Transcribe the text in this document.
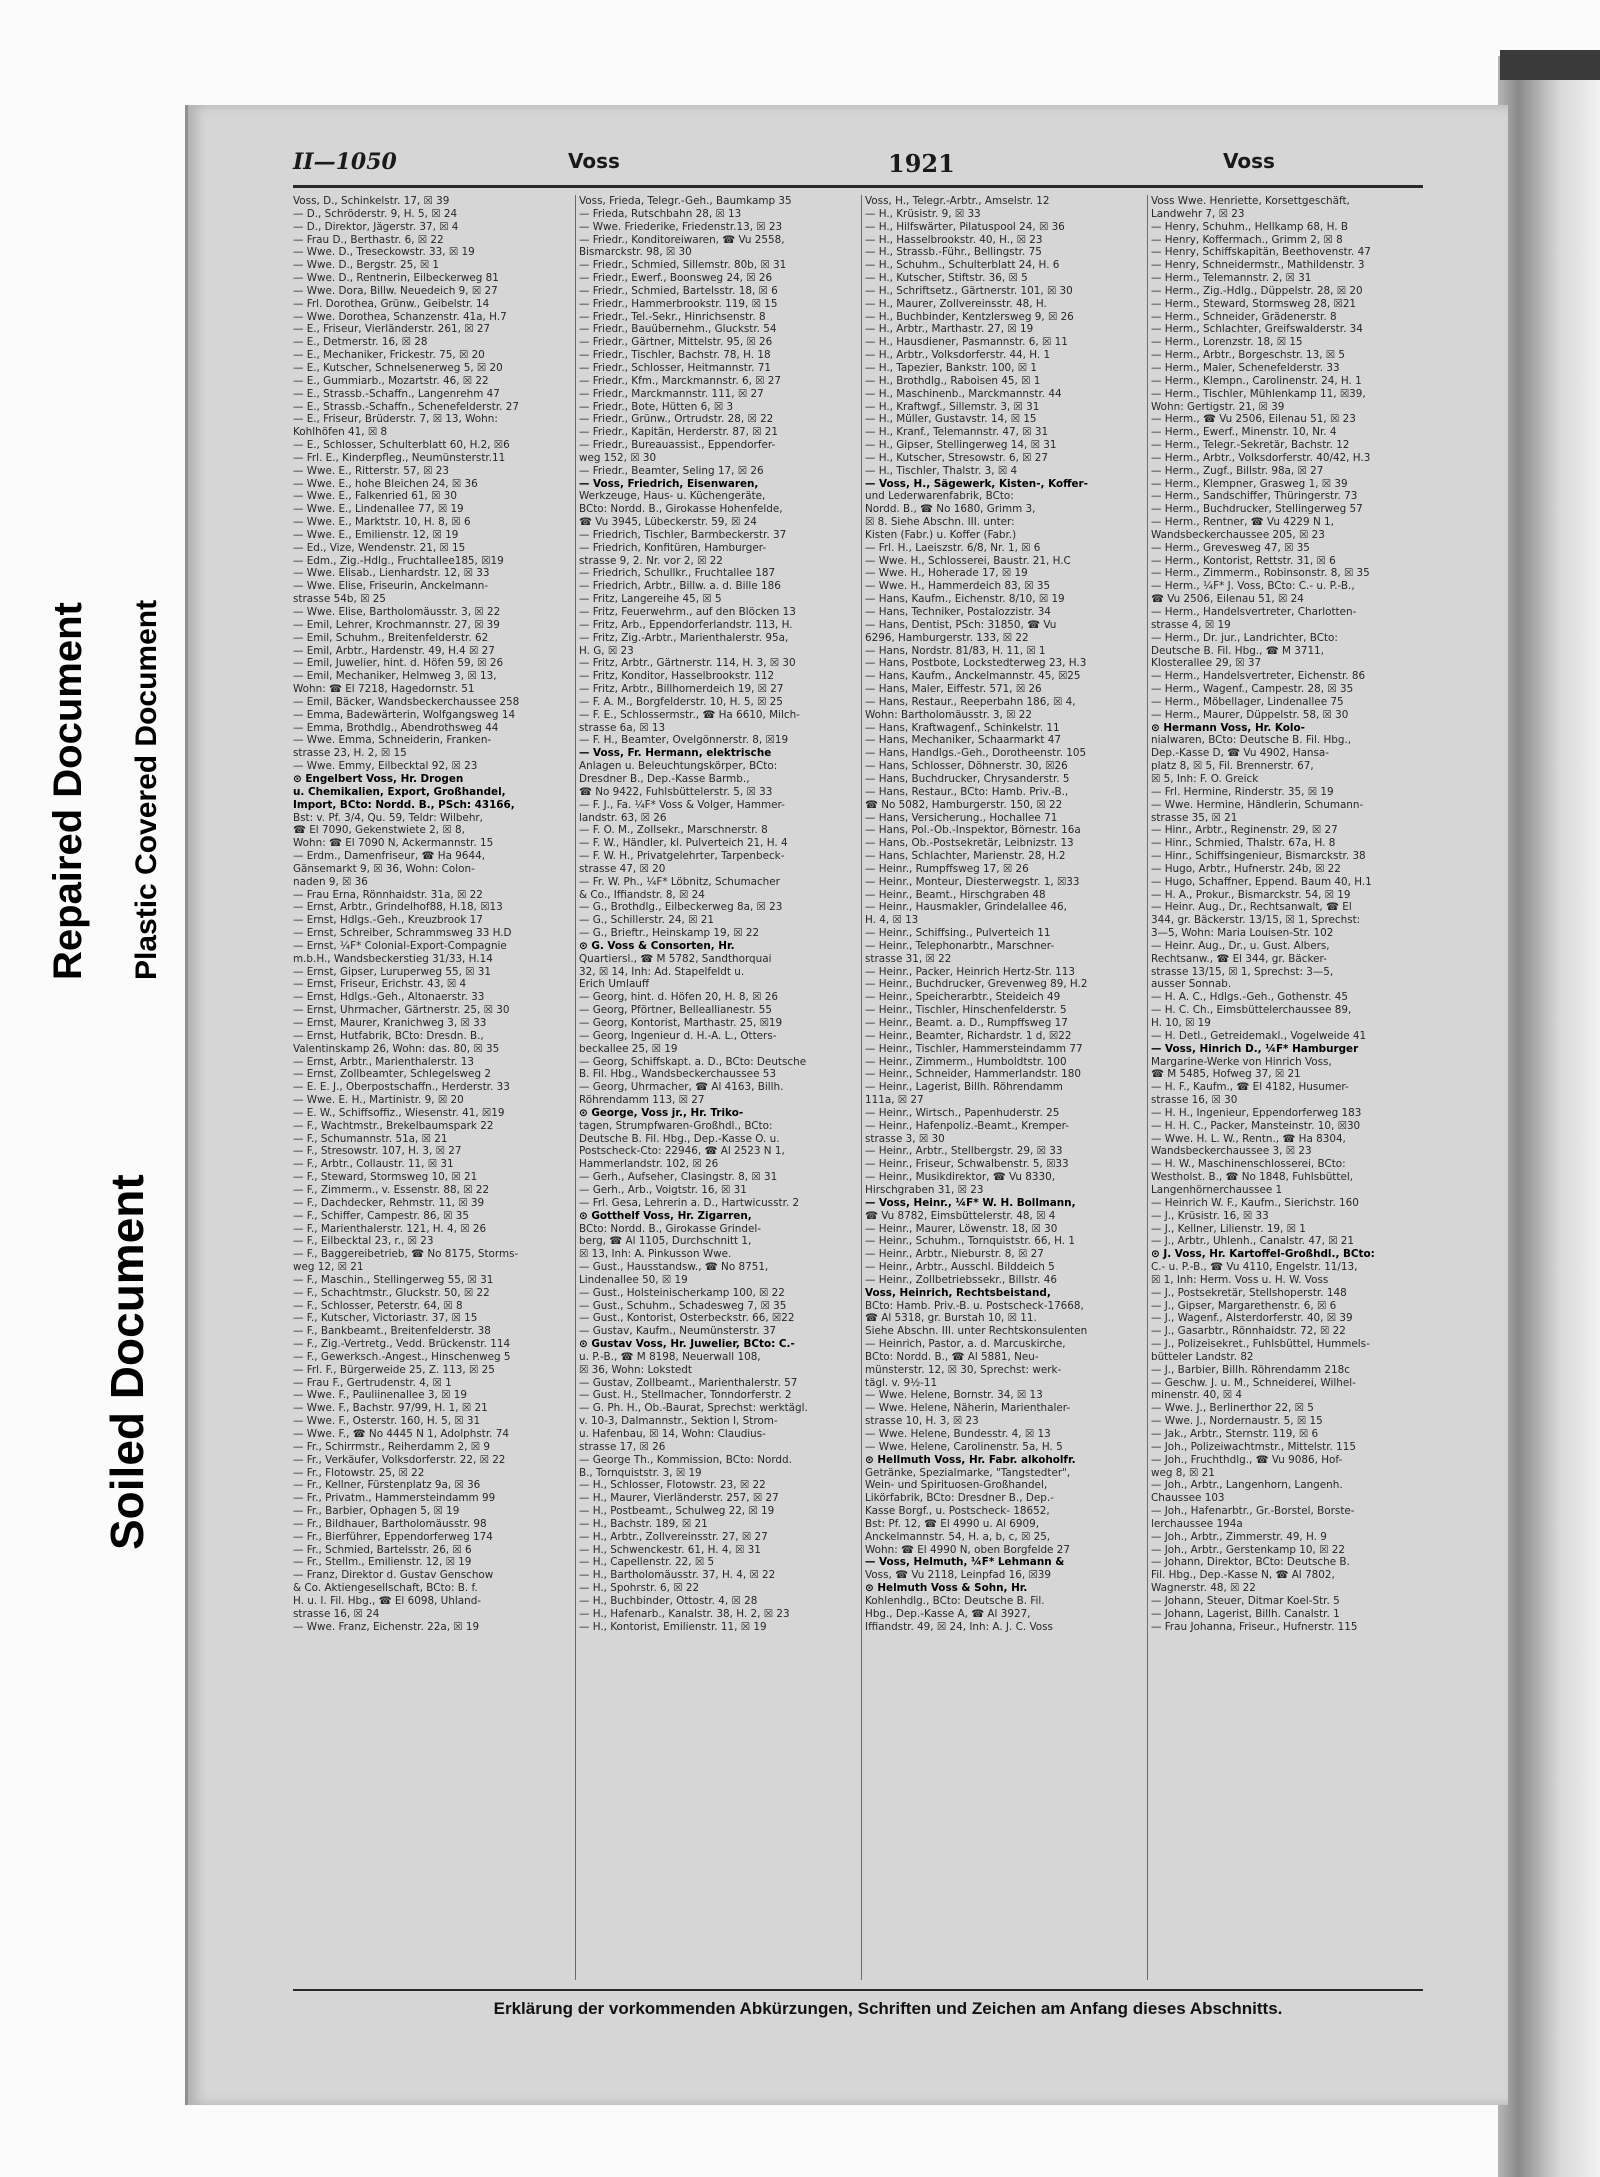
Repaired Document Plastic Covered Document
Soiled Document
II—1050	Voss	1921	Voss
Voss, D., Schinkelstr. 17, ☒ 39
— D., Schröderstr. 9, H. 5, ☒ 24
— D., Direktor, Jägerstr. 37, ☒ 4
— Frau D., Berthastr. 6, ☒ 22
— Wwe. D., Treseckowstr. 33, ☒ 19
— Wwe. D., Bergstr. 25, ☒ 1
— Wwe. D., Rentnerin, Eilbeckerweg 81
— Wwe. Dora, Billw. Neuedeich 9, ☒ 27
— Frl. Dorothea, Grünw., Geibelstr. 14
— Wwe. Dorothea, Schanzenstr. 41a, H.7
— E., Friseur, Vierländerstr. 261, ☒ 27
— E., Detmerstr. 16, ☒ 28
— E., Mechaniker, Frickestr. 75, ☒ 20
— E., Kutscher, Schnelsenerweg 5, ☒ 20
— E., Gummiarb., Mozartstr. 46, ☒ 22
— E., Strassb.-Schaffn., Langenrehm 47
— E., Strassb.-Schaffn., Schenefelderstr. 27
— E., Friseur, Brüderstr. 7, ☒ 13, Wohn:
Kohlhöfen 41, ☒ 8
— E., Schlosser, Schulterblatt 60, H.2, ☒6
— Frl. E., Kinderpfleg., Neumünsterstr.11
— Wwe. E., Ritterstr. 57, ☒ 23
— Wwe. E., hohe Bleichen 24, ☒ 36
— Wwe. E., Falkenried 61, ☒ 30
— Wwe. E., Lindenallee 77, ☒ 19
— Wwe. E., Marktstr. 10, H. 8, ☒ 6
— Wwe. E., Emilienstr. 12, ☒ 19
— Ed., Vize, Wendenstr. 21, ☒ 15
— Edm., Zig.-Hdlg., Fruchtallee185, ☒19
— Wwe. Elisab., Lienhardstr. 12, ☒ 33
— Wwe. Elise, Friseurin, Anckelmann-
strasse 54b, ☒ 25
— Wwe. Elise, Bartholomäusstr. 3, ☒ 22
— Emil, Lehrer, Krochmannstr. 27, ☒ 39
— Emil, Schuhm., Breitenfelderstr. 62
— Emil, Arbtr., Hardenstr. 49, H.4 ☒ 27
— Emil, Juwelier, hint. d. Höfen 59, ☒ 26
— Emil, Mechaniker, Helmweg 3, ☒ 13,
Wohn: ☎ El 7218, Hagedornstr. 51
— Emil, Bäcker, Wandsbeckerchaussee 258
— Emma, Badewärterin, Wolfgangsweg 14
— Emma, Brothdlg., Abendrothsweg 44
— Wwe. Emma, Schneiderin, Franken-
strasse 23, H. 2, ☒ 15
— Wwe. Emmy, Eilbecktal 92, ☒ 23
⊙ Engelbert Voss, Hr. Drogen
u. Chemikalien, Export, Großhandel,
Import, BCto: Nordd. B., PSch: 43166,
Bst: v. Pf. 3/4, Qu. 59, Teldr: Wilbehr,
☎ El 7090, Gekenstwiete 2, ☒ 8,
Wohn: ☎ El 7090 N, Ackermannstr. 15
— Erdm., Damenfriseur, ☎ Ha 9644,
Gänsemarkt 9, ☒ 36, Wohn: Colon-
naden 9, ☒ 36
— Frau Erna, Rönnhaidstr. 31a, ☒ 22
— Ernst, Arbtr., Grindelhof88, H.18, ☒13
— Ernst, Hdlgs.-Geh., Kreuzbrook 17
— Ernst, Schreiber, Schrammsweg 33 H.D
— Ernst, ¼F* Colonial-Export-Compagnie
m.b.H., Wandsbeckerstieg 31/33, H.14
— Ernst, Gipser, Luruperweg 55, ☒ 31
— Ernst, Friseur, Erichstr. 43, ☒ 4
— Ernst, Hdlgs.-Geh., Altonaerstr. 33
— Ernst, Uhrmacher, Gärtnerstr. 25, ☒ 30
— Ernst, Maurer, Kranichweg 3, ☒ 33
— Ernst, Hutfabrik, BCto: Dresdn. B.,
Valentinskamp 26, Wohn: das. 80, ☒ 35
— Ernst, Arbtr., Marienthalerstr. 13
— Ernst, Zollbeamter, Schlegelsweg 2
— E. E. J., Oberpostschaffn., Herderstr. 33
— Wwe. E. H., Martinistr. 9, ☒ 20
— E. W., Schiffsoffiz., Wiesenstr. 41, ☒19
— F., Wachtmstr., Brekelbaumspark 22
— F., Schumannstr. 51a, ☒ 21
— F., Stresowstr. 107, H. 3, ☒ 27
— F., Arbtr., Collaustr. 11, ☒ 31
— F., Steward, Stormsweg 10, ☒ 21
— F., Zimmerm., v. Essenstr. 88, ☒ 22
— F., Dachdecker, Rehmstr. 11, ☒ 39
— F., Schiffer, Campestr. 86, ☒ 35
— F., Marienthalerstr. 121, H. 4, ☒ 26
— F., Eilbecktal 23, r., ☒ 23
— F., Baggereibetrieb, ☎ No 8175, Storms-
weg 12, ☒ 21
— F., Maschin., Stellingerweg 55, ☒ 31
— F., Schachtmstr., Gluckstr. 50, ☒ 22
— F., Schlosser, Peterstr. 64, ☒ 8
— F., Kutscher, Victoriastr. 37, ☒ 15
— F., Bankbeamt., Breitenfelderstr. 38
— F., Zig.-Vertretg., Vedd. Brückenstr. 114
— F., Gewerksch.-Angest., Hinschenweg 5
— Frl. F., Bürgerweide 25, Z. 113, ☒ 25
— Frau F., Gertrudenstr. 4, ☒ 1
— Wwe. F., Pauliinenallee 3, ☒ 19
— Wwe. F., Bachstr. 97/99, H. 1, ☒ 21
— Wwe. F., Osterstr. 160, H. 5, ☒ 31
— Wwe. F., ☎ No 4445 N 1, Adolphstr. 74
— Fr., Schirrmstr., Reiherdamm 2, ☒ 9
— Fr., Verkäufer, Volksdorferstr. 22, ☒ 22
— Fr., Flotowstr. 25, ☒ 22
— Fr., Kellner, Fürstenplatz 9a, ☒ 36
— Fr., Privatm., Hammersteindamm 99
— Fr., Barbier, Ophagen 5, ☒ 19
— Fr., Bildhauer, Bartholomäusstr. 98
— Fr., Bierführer, Eppendorferweg 174
— Fr., Schmied, Bartelsstr. 26, ☒ 6
— Fr., Stellm., Emilienstr. 12, ☒ 19
— Franz, Direktor d. Gustav Genschow
& Co. Aktiengesellschaft, BCto: B. f.
H. u. I. Fil. Hbg., ☎ El 6098, Uhland-
strasse 16, ☒ 24
— Wwe. Franz, Eichenstr. 22a, ☒ 19
Voss, Frieda, Telegr.-Geh., Baumkamp 35
— Frieda, Rutschbahn 28, ☒ 13
— Wwe. Friederike, Friedenstr.13, ☒ 23
— Friedr., Konditoreiwaren, ☎ Vu 2558,
Bismarckstr. 98, ☒ 30
— Friedr., Schmied, Sillemstr. 80b, ☒ 31
— Friedr., Ewerf., Boonsweg 24, ☒ 26
— Friedr., Schmied, Bartelsstr. 18, ☒ 6
— Friedr., Hammerbrookstr. 119, ☒ 15
— Friedr., Tel.-Sekr., Hinrichsenstr. 8
— Friedr., Bauübernehm., Gluckstr. 54
— Friedr., Gärtner, Mittelstr. 95, ☒ 26
— Friedr., Tischler, Bachstr. 78, H. 18
— Friedr., Schlosser, Heitmannstr. 71
— Friedr., Kfm., Marckmannstr. 6, ☒ 27
— Friedr., Marckmannstr. 111, ☒ 27
— Friedr., Bote, Hütten 6, ☒ 3
— Friedr., Grünw., Ortrudstr. 28, ☒ 22
— Friedr., Kapitän, Herderstr. 87, ☒ 21
— Friedr., Bureauassist., Eppendorfer-
weg 152, ☒ 30
— Friedr., Beamter, Seling 17, ☒ 26
— Voss, Friedrich, Eisenwaren,
Werkzeuge, Haus- u. Küchengeräte,
BCto: Nordd. B., Girokasse Hohenfelde,
☎ Vu 3945, Lübeckerstr. 59, ☒ 24
— Friedrich, Tischler, Barmbeckerstr. 37
— Friedrich, Konfitüren, Hamburger-
strasse 9, 2. Nr. vor 2, ☒ 22
— Friedrich, Schullkr., Fruchtallee 187
— Friedrich, Arbtr., Billw. a. d. Bille 186
— Fritz, Langereihe 45, ☒ 5
— Fritz, Feuerwehrm., auf den Blöcken 13
— Fritz, Arb., Eppendorferlandstr. 113, H.
— Fritz, Zig.-Arbtr., Marienthalerstr. 95a,
H. G, ☒ 23
— Fritz, Arbtr., Gärtnerstr. 114, H. 3, ☒ 30
— Fritz, Konditor, Hasselbrookstr. 112
— Fritz, Arbtr., Billhornerdeich 19, ☒ 27
— F. A. M., Borgfelderstr. 10, H. 5, ☒ 25
— F. E., Schlossermstr., ☎ Ha 6610, Milch-
strasse 6a, ☒ 13
— F. H., Beamter, Ovelgönnerstr. 8, ☒19
— Voss, Fr. Hermann, elektrische
Anlagen u. Beleuchtungskörper, BCto:
Dresdner B., Dep.-Kasse Barmb.,
☎ No 9422, Fuhlsbüttelerstr. 5, ☒ 33
— F. J., Fa. ¼F* Voss & Volger, Hammer-
landstr. 63, ☒ 26
— F. O. M., Zollsekr., Marschnerstr. 8
— F. W., Händler, kl. Pulverteich 21, H. 4
— F. W. H., Privatgelehrter, Tarpenbeck-
strasse 47, ☒ 20
— Fr. W. Ph., ¼F* Löbnitz, Schumacher
& Co., Iffiandstr. 8, ☒ 24
— G., Brothdlg., Eilbeckerweg 8a, ☒ 23
— G., Schillerstr. 24, ☒ 21
— G., Brieftr., Heinskamp 19, ☒ 22
⊙ G. Voss & Consorten, Hr.
Quartiersl., ☎ M 5782, Sandthorquai
32, ☒ 14, Inh: Ad. Stapelfeldt u.
Erich Umlauff
— Georg, hint. d. Höfen 20, H. 8, ☒ 26
— Georg, Pförtner, Belleallianestr. 55
— Georg, Kontorist, Marthastr. 25, ☒19
— Georg, Ingenieur d. H.-A. L., Otters-
beckallee 25, ☒ 19
— Georg, Schiffskapt. a. D., BCto: Deutsche
B. Fil. Hbg., Wandsbeckerchaussee 53
— Georg, Uhrmacher, ☎ Al 4163, Billh.
Röhrendamm 113, ☒ 27
⊙ George, Voss jr., Hr. Triko-
tagen, Strumpfwaren-Großhdl., BCto:
Deutsche B. Fil. Hbg., Dep.-Kasse O. u.
Postscheck-Cto: 22946, ☎ Al 2523 N 1,
Hammerlandstr. 102, ☒ 26
— Gerh., Aufseher, Clasingstr. 8, ☒ 31
— Gerh., Arb., Voigtstr. 16, ☒ 31
— Frl. Gesa, Lehrerin a. D., Hartwicusstr. 2
⊙ Gotthelf Voss, Hr. Zigarren,
BCto: Nordd. B., Girokasse Grindel-
berg, ☎ Al 1105, Durchschnitt 1,
☒ 13, Inh: A. Pinkusson Wwe.
— Gust., Hausstandsw., ☎ No 8751,
Lindenallee 50, ☒ 19
— Gust., Holsteinischerkamp 100, ☒ 22
— Gust., Schuhm., Schadesweg 7, ☒ 35
— Gust., Kontorist, Osterbeckstr. 66, ☒22
— Gustav, Kaufm., Neumünsterstr. 37
⊙ Gustav Voss, Hr. Juwelier, BCto: C.-
u. P.-B., ☎ M 8198, Neuerwall 108,
☒ 36, Wohn: Lokstedt
— Gustav, Zollbeamt., Marienthalerstr. 57
— Gust. H., Stellmacher, Tonndorferstr. 2
— G. Ph. H., Ob.-Baurat, Sprechst: werktägl.
v. 10-3, Dalmannstr., Sektion I, Strom-
u. Hafenbau, ☒ 14, Wohn: Claudius-
strasse 17, ☒ 26
— George Th., Kommission, BCto: Nordd.
B., Tornquiststr. 3, ☒ 19
— H., Schlosser, Flotowstr. 23, ☒ 22
— H., Maurer, Vierländerstr. 257, ☒ 27
— H., Postbeamt., Schulweg 22, ☒ 19
— H., Bachstr. 189, ☒ 21
— H., Arbtr., Zollvereinsstr. 27, ☒ 27
— H., Schwenckestr. 61, H. 4, ☒ 31
— H., Capellenstr. 22, ☒ 5
— H., Bartholomäusstr. 37, H. 4, ☒ 22
— H., Spohrstr. 6, ☒ 22
— H., Buchbinder, Ottostr. 4, ☒ 28
— H., Hafenarb., Kanalstr. 38, H. 2, ☒ 23
— H., Kontorist, Emilienstr. 11, ☒ 19
Voss, H., Telegr.-Arbtr., Amselstr. 12
— H., Krüsistr. 9, ☒ 33
— H., Hilfswärter, Pilatuspool 24, ☒ 36
— H., Hasselbrookstr. 40, H., ☒ 23
— H., Strassb.-Führ., Bellingstr. 75
— H., Schuhm., Schulterblatt 24, H. 6
— H., Kutscher, Stiftstr. 36, ☒ 5
— H., Schriftsetz., Gärtnerstr. 101, ☒ 30
— H., Maurer, Zollvereinsstr. 48, H.
— H., Buchbinder, Kentzlersweg 9, ☒ 26
— H., Arbtr., Marthastr. 27, ☒ 19
— H., Hausdiener, Pasmannstr. 6, ☒ 11
— H., Arbtr., Volksdorferstr. 44, H. 1
— H., Tapezier, Bankstr. 100, ☒ 1
— H., Brothdlg., Raboisen 45, ☒ 1
— H., Maschinenb., Marckmannstr. 44
— H., Kraftwgf., Sillemstr. 3, ☒ 31
— H., Müller, Gustavstr. 14, ☒ 15
— H., Kranf., Telemannstr. 47, ☒ 31
— H., Gipser, Stellingerweg 14, ☒ 31
— H., Kutscher, Stresowstr. 6, ☒ 27
— H., Tischler, Thalstr. 3, ☒ 4
— Voss, H., Sägewerk, Kisten-, Koffer-
und Lederwarenfabrik, BCto:
Nordd. B., ☎ No 1680, Grimm 3,
☒ 8. Siehe Abschn. III. unter:
Kisten (Fabr.) u. Koffer (Fabr.)
— Frl. H., Laeiszstr. 6/8, Nr. 1, ☒ 6
— Wwe. H., Schlosserei, Baustr. 21, H.C
— Wwe. H., Hoherade 17, ☒ 19
— Wwe. H., Hammerdeich 83, ☒ 35
— Hans, Kaufm., Eichenstr. 8/10, ☒ 19
— Hans, Techniker, Postalozzistr. 34
— Hans, Dentist, PSch: 31850, ☎ Vu
6296, Hamburgerstr. 133, ☒ 22
— Hans, Nordstr. 81/83, H. 11, ☒ 1
— Hans, Postbote, Lockstedterweg 23, H.3
— Hans, Kaufm., Anckelmannstr. 45, ☒25
— Hans, Maler, Eiffestr. 571, ☒ 26
— Hans, Restaur., Reeperbahn 186, ☒ 4,
Wohn: Bartholomäusstr. 3, ☒ 22
— Hans, Kraftwagenf., Schinkelstr. 11
— Hans, Mechaniker, Schaarmarkt 47
— Hans, Handlgs.-Geh., Dorotheenstr. 105
— Hans, Schlosser, Döhnerstr. 30, ☒26
— Hans, Buchdrucker, Chrysanderstr. 5
— Hans, Restaur., BCto: Hamb. Priv.-B.,
☎ No 5082, Hamburgerstr. 150, ☒ 22
— Hans, Versicherung., Hochallee 71
— Hans, Pol.-Ob.-Inspektor, Börnestr. 16a
— Hans, Ob.-Postsekretär, Leibnizstr. 13
— Hans, Schlachter, Marienstr. 28, H.2
— Heinr., Rumpffsweg 17, ☒ 26
— Heinr., Monteur, Diesterwegstr. 1, ☒33
— Heinr., Beamt., Hirschgraben 48
— Heinr., Hausmakler, Grindelallee 46,
H. 4, ☒ 13
— Heinr., Schiffsing., Pulverteich 11
— Heinr., Telephonarbtr., Marschner-
strasse 31, ☒ 22
— Heinr., Packer, Heinrich Hertz-Str. 113
— Heinr., Buchdrucker, Grevenweg 89, H.2
— Heinr., Speicherarbtr., Steideich 49
— Heinr., Tischler, Hinschenfelderstr. 5
— Heinr., Beamt. a. D., Rumpffsweg 17
— Heinr., Beamter, Richardstr. 1 d, ☒22
— Heinr., Tischler, Hammersteindamm 77
— Heinr., Zimmerm., Humboldtstr. 100
— Heinr., Schneider, Hammerlandstr. 180
— Heinr., Lagerist, Billh. Röhrendamm
111a, ☒ 27
— Heinr., Wirtsch., Papenhuderstr. 25
— Heinr., Hafenpoliz.-Beamt., Kremper-
strasse 3, ☒ 30
— Heinr., Arbtr., Stellbergstr. 29, ☒ 33
— Heinr., Friseur, Schwalbenstr. 5, ☒33
— Heinr., Musikdirektor, ☎ Vu 8330,
Hirschgraben 31, ☒ 23
— Voss, Heinr., ¼F* W. H. Bollmann,
☎ Vu 8782, Eimsbüttelerstr. 48, ☒ 4
— Heinr., Maurer, Löwenstr. 18, ☒ 30
— Heinr., Schuhm., Tornquiststr. 66, H. 1
— Heinr., Arbtr., Nieburstr. 8, ☒ 27
— Heinr., Arbtr., Ausschl. Bilddeich 5
— Heinr., Zollbetriebssekr., Billstr. 46
Voss, Heinrich, Rechtsbeistand,
BCto: Hamb. Priv.-B. u. Postscheck-17668,
☎ Al 5318, gr. Burstah 10, ☒ 11.
Siehe Abschn. III. unter Rechtskonsulenten
— Heinrich, Pastor, a. d. Marcuskirche,
BCto: Nordd. B., ☎ Al 5881, Neu-
münsterstr. 12, ☒ 30, Sprechst: werk-
tägl. v. 9½-11
— Wwe. Helene, Bornstr. 34, ☒ 13
— Wwe. Helene, Näherin, Marienthaler-
strasse 10, H. 3, ☒ 23
— Wwe. Helene, Bundesstr. 4, ☒ 13
— Wwe. Helene, Carolinenstr. 5a, H. 5
⊙ Hellmuth Voss, Hr. Fabr. alkoholfr.
Getränke, Spezialmarke, "Tangstedter",
Wein- und Spirituosen-Großhandel,
Likörfabrik, BCto: Dresdner B., Dep.-
Kasse Borgf., u. Postscheck- 18652,
Bst: Pf. 12, ☎ El 4990 u. Al 6909,
Anckelmannstr. 54, H. a, b, c, ☒ 25,
Wohn: ☎ El 4990 N, oben Borgfelde 27
— Voss, Helmuth, ¼F* Lehmann &
Voss, ☎ Vu 2118, Leinpfad 16, ☒39
⊙ Helmuth Voss & Sohn, Hr.
Kohlenhdlg., BCto: Deutsche B. Fil.
Hbg., Dep.-Kasse A, ☎ Al 3927,
Iffiandstr. 49, ☒ 24, Inh: A. J. C. Voss
Voss Wwe. Henriette, Korsettgeschäft,
Landwehr 7, ☒ 23
— Henry, Schuhm., Hellkamp 68, H. B
— Henry, Koffermach., Grimm 2, ☒ 8
— Henry, Schiffskapitän, Beethovenstr. 47
— Henry, Schneidermstr., Mathildenstr. 3
— Herm., Telemannstr. 2, ☒ 31
— Herm., Zig.-Hdlg., Düppelstr. 28, ☒ 20
— Herm., Steward, Stormsweg 28, ☒21
— Herm., Schneider, Grädenerstr. 8
— Herm., Schlachter, Greifswalderstr. 34
— Herm., Lorenzstr. 18, ☒ 15
— Herm., Arbtr., Borgeschstr. 13, ☒ 5
— Herm., Maler, Schenefelderstr. 33
— Herm., Klempn., Carolinenstr. 24, H. 1
— Herm., Tischler, Mühlenkamp 11, ☒39,
Wohn: Gertigstr. 21, ☒ 39
— Herm., ☎ Vu 2506, Eilenau 51, ☒ 23
— Herm., Ewerf., Minenstr. 10, Nr. 4
— Herm., Telegr.-Sekretär, Bachstr. 12
— Herm., Arbtr., Volksdorferstr. 40/42, H.3
— Herm., Zugf., Billstr. 98a, ☒ 27
— Herm., Klempner, Grasweg 1, ☒ 39
— Herm., Sandschiffer, Thüringerstr. 73
— Herm., Buchdrucker, Stellingerweg 57
— Herm., Rentner, ☎ Vu 4229 N 1,
Wandsbeckerchaussee 205, ☒ 23
— Herm., Grevesweg 47, ☒ 35
— Herm., Kontorist, Rettstr. 31, ☒ 6
— Herm., Zimmerm., Robinsonstr. 8, ☒ 35
— Herm., ¼F* J. Voss, BCto: C.- u. P.-B.,
☎ Vu 2506, Eilenau 51, ☒ 24
— Herm., Handelsvertreter, Charlotten-
strasse 4, ☒ 19
— Herm., Dr. jur., Landrichter, BCto:
Deutsche B. Fil. Hbg., ☎ M 3711,
Klosterallee 29, ☒ 37
— Herm., Handelsvertreter, Eichenstr. 86
— Herm., Wagenf., Campestr. 28, ☒ 35
— Herm., Möbellager, Lindenallee 75
— Herm., Maurer, Düppelstr. 58, ☒ 30
⊙ Hermann Voss, Hr. Kolo-
nialwaren, BCto: Deutsche B. Fil. Hbg.,
Dep.-Kasse D, ☎ Vu 4902, Hansa-
platz 8, ☒ 5, Fil. Brennerstr. 67,
☒ 5, Inh: F. O. Greick
— Frl. Hermine, Rinderstr. 35, ☒ 19
— Wwe. Hermine, Händlerin, Schumann-
strasse 35, ☒ 21
— Hinr., Arbtr., Reginenstr. 29, ☒ 27
— Hinr., Schmied, Thalstr. 67a, H. 8
— Hinr., Schiffsingenieur, Bismarckstr. 38
— Hugo, Arbtr., Hufnerstr. 24b, ☒ 22
— Hugo, Schaffner, Eppend. Baum 40, H.1
— H. A., Prokur., Bismarckstr. 54, ☒ 19
— Heinr. Aug., Dr., Rechtsanwalt, ☎ El
344, gr. Bäckerstr. 13/15, ☒ 1, Sprechst:
3—5, Wohn: Maria Louisen-Str. 102
— Heinr. Aug., Dr., u. Gust. Albers,
Rechtsanw., ☎ El 344, gr. Bäcker-
strasse 13/15, ☒ 1, Sprechst: 3—5,
ausser Sonnab.
— H. A. C., Hdlgs.-Geh., Gothenstr. 45
— H. C. Ch., Eimsbüttelerchaussee 89,
H. 10, ☒ 19
— H. Detl., Getreidemakl., Vogelweide 41
— Voss, Hinrich D., ¼F* Hamburger
Margarine-Werke von Hinrich Voss,
☎ M 5485, Hofweg 37, ☒ 21
— H. F., Kaufm., ☎ El 4182, Husumer-
strasse 16, ☒ 30
— H. H., Ingenieur, Eppendorferweg 183
— H. H. C., Packer, Mansteinstr. 10, ☒30
— Wwe. H. L. W., Rentn., ☎ Ha 8304,
Wandsbeckerchaussee 3, ☒ 23
— H. W., Maschinenschlosserei, BCto:
Westholst. B., ☎ No 1848, Fuhlsbüttel,
Langenhörnerchaussee 1
— Heinrich W. F., Kaufm., Sierichstr. 160
— J., Krüsistr. 16, ☒ 33
— J., Kellner, Lilienstr. 19, ☒ 1
— J., Arbtr., Uhlenh., Canalstr. 47, ☒ 21
⊙ J. Voss, Hr. Kartoffel-Großhdl., BCto:
C.- u. P.-B., ☎ Vu 4110, Engelstr. 11/13,
☒ 1, Inh: Herm. Voss u. H. W. Voss
— J., Postsekretär, Stellshoperstr. 148
— J., Gipser, Margarethenstr. 6, ☒ 6
— J., Wagenf., Alsterdorferstr. 40, ☒ 39
— J., Gasarbtr., Rönnhaidstr. 72, ☒ 22
— J., Polizeisekret., Fuhlsbüttel, Hummels-
bütteler Landstr. 82
— J., Barbier, Billh. Röhrendamm 218c
— Geschw. J. u. M., Schneiderei, Wilhel-
minenstr. 40, ☒ 4
— Wwe. J., Berlinerthor 22, ☒ 5
— Wwe. J., Nordernaustr. 5, ☒ 15
— Jak., Arbtr., Sternstr. 119, ☒ 6
— Joh., Polizeiwachtmstr., Mittelstr. 115
— Joh., Fruchthdlg., ☎ Vu 9086, Hof-
weg 8, ☒ 21
— Joh., Arbtr., Langenhorn, Langenh.
Chaussee 103
— Joh., Hafenarbtr., Gr.-Borstel, Borste-
lerchaussee 194a
— Joh., Arbtr., Zimmerstr. 49, H. 9
— Joh., Arbtr., Gerstenkamp 10, ☒ 22
— Johann, Direktor, BCto: Deutsche B.
Fil. Hbg., Dep.-Kasse N, ☎ Al 7802,
Wagnerstr. 48, ☒ 22
— Johann, Steuer, Ditmar Koel-Str. 5
— Johann, Lagerist, Billh. Canalstr. 1
— Frau Johanna, Friseur., Hufnerstr. 115
Erklärung der vorkommenden Abkürzungen, Schriften und Zeichen am Anfang dieses Abschnitts.
